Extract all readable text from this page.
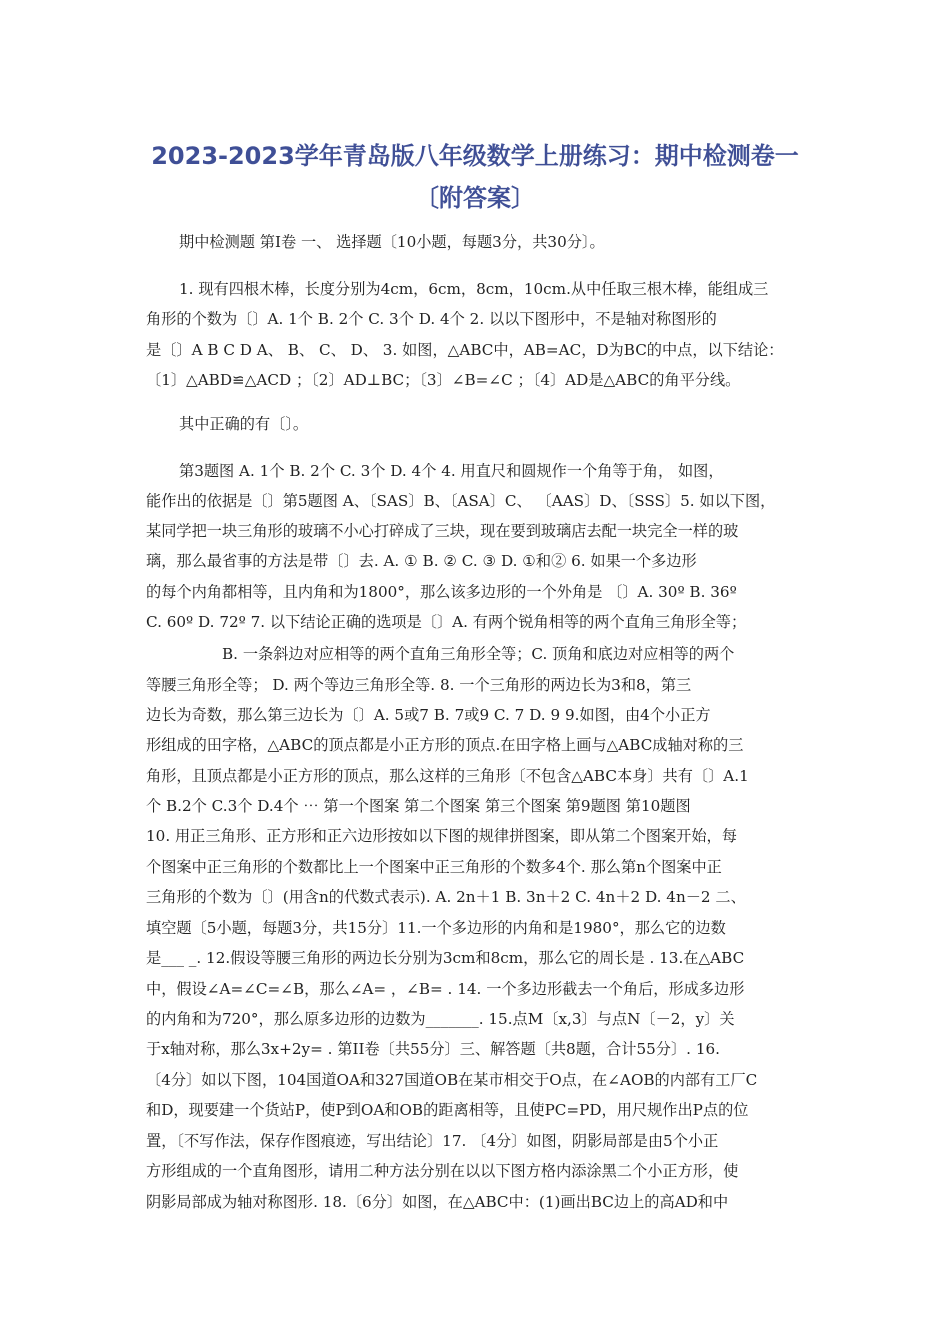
2023-2023学年青岛版八年级数学上册练习：期中检测卷一
〔附答案〕
期中检测题 第I卷 一、 选择题〔10小题，每题3分，共30分〕。
1. 现有四根木棒，长度分别为4cm，6cm，8cm，10cm.从中任取三根木棒，能组成三
角形的个数为〔〕A. 1个 B. 2个 C. 3个 D. 4个 2. 以以下图形中，不是轴对称图形的
是〔〕A B C D A、 B、 C、 D、 3. 如图，△ABC中，AB=AC，D为BC的中点，以下结论：
〔1〕△ABD≌△ACD ；〔2〕AD⊥BC；〔3〕∠B=∠C ；〔4〕AD是△ABC的角平分线。
其中正确的有〔〕。
第3题图 A. 1个 B. 2个 C. 3个 D. 4个 4. 用直尺和圆规作一个角等于角， 如图，
能作出的依据是〔〕第5题图 A、〔SAS〕B、〔ASA〕C、 〔AAS〕D、〔SSS〕5. 如以下图，
某同学把一块三角形的玻璃不小心打碎成了三块，现在要到玻璃店去配一块完全一样的玻
璃，那么最省事的方法是带〔〕去. A. ① B. ② C. ③ D. ①和② 6. 如果一个多边形
的每个内角都相等，且内角和为1800°，那么该多边形的一个外角是 〔〕A. 30º B. 36º
C. 60º D. 72º 7. 以下结论正确的选项是〔〕A. 有两个锐角相等的两个直角三角形全等；
B. 一条斜边对应相等的两个直角三角形全等；C. 顶角和底边对应相等的两个
等腰三角形全等； D. 两个等边三角形全等. 8. 一个三角形的两边长为3和8，第三
边长为奇数，那么第三边长为〔〕A. 5或7 B. 7或9 C. 7 D. 9 9.如图，由4个小正方
形组成的田字格，△ABC的顶点都是小正方形的顶点.在田字格上画与△ABC成轴对称的三
角形，且顶点都是小正方形的顶点，那么这样的三角形〔不包含△ABC本身〕共有〔〕A.1
个 B.2个 C.3个 D.4个 ⋯ 第一个图案 第二个图案 第三个图案 第9题图 第10题图
10. 用正三角形、正方形和正六边形按如以下图的规律拼图案，即从第二个图案开始，每
个图案中正三角形的个数都比上一个图案中正三角形的个数多4个. 那么第n个图案中正
三角形的个数为〔〕(用含n的代数式表示). A. 2n＋1 B. 3n＋2 C. 4n＋2 D. 4n－2 二、
填空题〔5小题，每题3分，共15分〕11.一个多边形的内角和是1980°，那么它的边数
是___ _. 12.假设等腰三角形的两边长分别为3cm和8cm，那么它的周长是 . 13.在△ABC
中，假设∠A=∠C=∠B，那么∠A= ，∠B= . 14. 一个多边形截去一个角后，形成多边形
的内角和为720°，那么原多边形的边数为_______. 15.点M〔x,3〕与点N〔－2，y〕关
于x轴对称，那么3x+2y= . 第II卷〔共55分〕三、解答题〔共8题，合计55分〕. 16.
〔4分〕如以下图，104国道OA和327国道OB在某市相交于O点，在∠AOB的内部有工厂C
和D，现要建一个货站P，使P到OA和OB的距离相等，且使PC=PD，用尺规作出P点的位
置，〔不写作法，保存作图痕迹，写出结论〕17. 〔4分〕如图，阴影局部是由5个小正
方形组成的一个直角图形，请用二种方法分别在以以下图方格内添涂黑二个小正方形，使
阴影局部成为轴对称图形. 18.〔6分〕如图，在△ABC中：(1)画出BC边上的高AD和中
